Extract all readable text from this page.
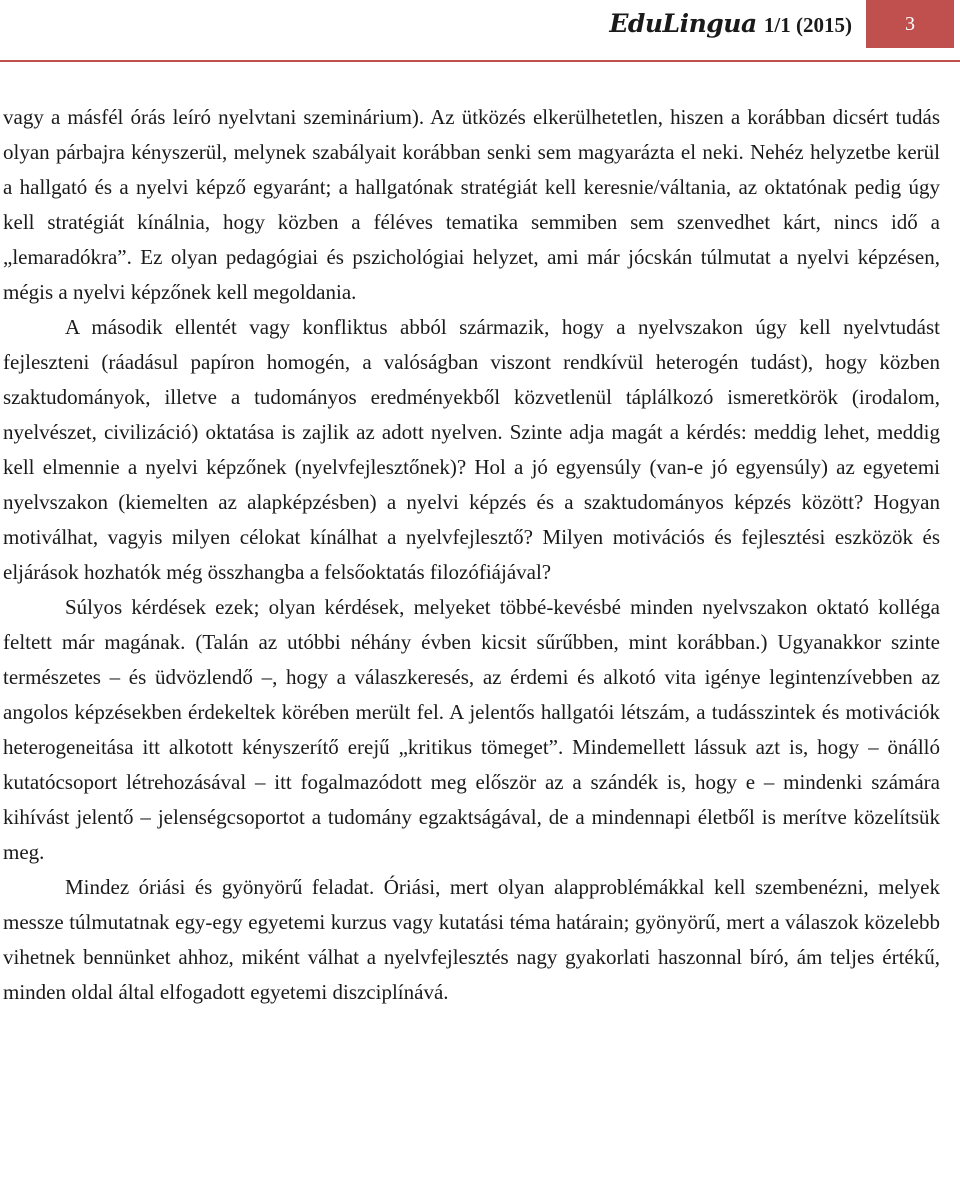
EduLingua 1/1 (2015)	3

vagy a másfél órás leíró nyelvtani szeminárium). Az ütközés elkerülhetetlen, hiszen a korábban dicsért tudás olyan párbajra kényszerül, melynek szabályait korábban senki sem magyarázta el neki. Nehéz helyzetbe kerül a hallgató és a nyelvi képző egyaránt; a hallgatónak stratégiát kell keresnie/váltania, az oktatónak pedig úgy kell stratégiát kínálnia, hogy közben a féléves tematika semmiben sem szenvedhet kárt, nincs idő a „lemaradókra”. Ez olyan pedagógiai és pszichológiai helyzet, ami már jócskán túlmutat a nyelvi képzésen, mégis a nyelvi képzőnek kell megoldania.

A második ellentét vagy konfliktus abból származik, hogy a nyelvszakon úgy kell nyelvtudást fejleszteni (ráadásul papíron homogén, a valóságban viszont rendkívül heterogén tudást), hogy közben szaktudományok, illetve a tudományos eredményekből közvetlenül táplálkozó ismeretkörök (irodalom, nyelvészet, civilizáció) oktatása is zajlik az adott nyelven. Szinte adja magát a kérdés: meddig lehet, meddig kell elmennie a nyelvi képzőnek (nyelvfejlesztőnek)? Hol a jó egyensúly (van-e jó egyensúly) az egyetemi nyelvszakon (kiemelten az alapképzésben) a nyelvi képzés és a szaktudományos képzés között? Hogyan motiválhat, vagyis milyen célokat kínálhat a nyelvfejlesztő? Milyen motivációs és fejlesztési eszközök és eljárások hozhatók még összhangba a felsőoktatás filozófiájával?

Súlyos kérdések ezek; olyan kérdések, melyeket többé-kevésbé minden nyelvszakon oktató kolléga feltett már magának. (Talán az utóbbi néhány évben kicsit sűrűbben, mint korábban.) Ugyanakkor szinte természetes – és üdvözlendő –, hogy a válaszkeresés, az érdemi és alkotó vita igénye legintenzívebben az angolos képzésekben érdekeltek körében merült fel. A jelentős hallgatói létszám, a tudásszintek és motivációk heterogeneitása itt alkotott kényszerítő erejű „kritikus tömeget”. Mindemellett lássuk azt is, hogy – önálló kutatócsoport létrehozásával – itt fogalmazódott meg először az a szándék is, hogy e – mindenki számára kihívást jelentő – jelenségcsoportot a tudomány egzaktságával, de a mindennapi életből is merítve közelítsük meg.

Mindez óriási és gyönyörű feladat. Óriási, mert olyan alapproblémákkal kell szembenézni, melyek messze túlmutatnak egy-egy egyetemi kurzus vagy kutatási téma határain; gyönyörű, mert a válaszok közelebb vihetnek bennünket ahhoz, miként válhat a nyelvfejlesztés nagy gyakorlati haszonnal bíró, ám teljes értékű, minden oldal által elfogadott egyetemi diszciplínává.
